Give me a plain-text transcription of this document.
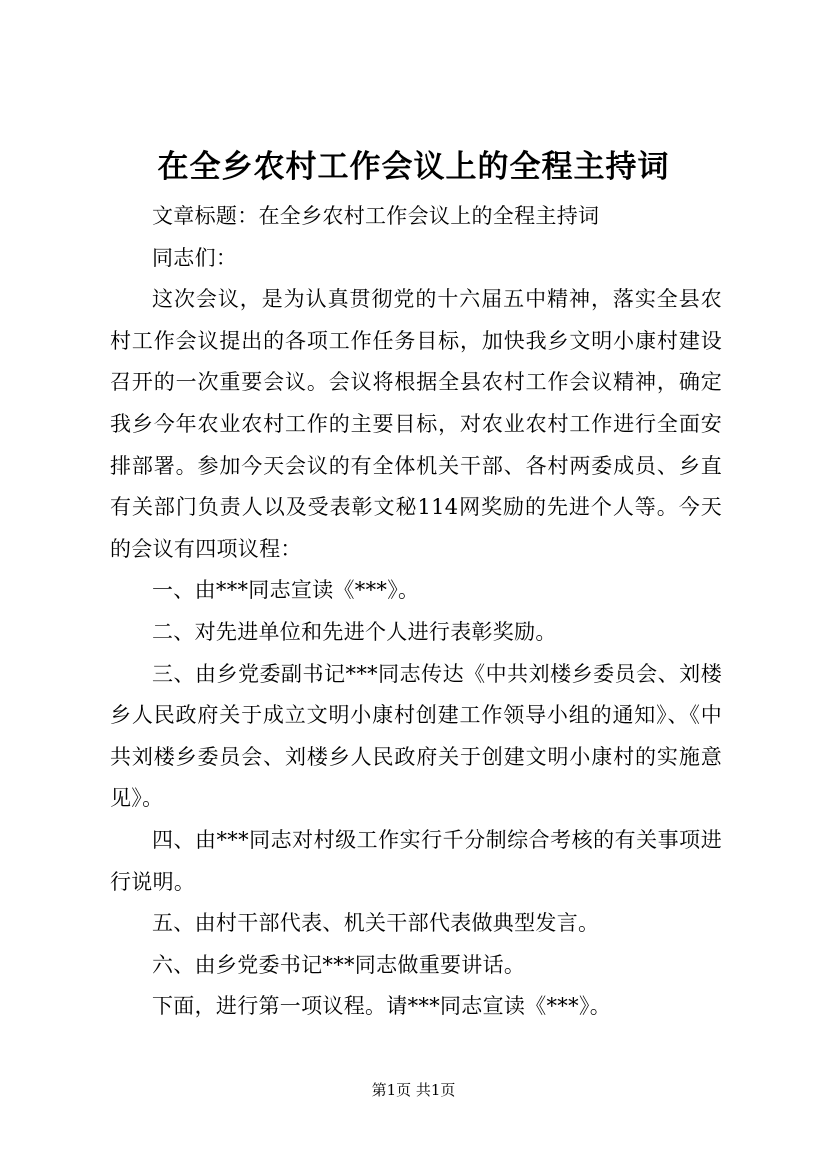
在全乡农村工作会议上的全程主持词

文章标题：在全乡农村工作会议上的全程主持词

同志们：

这次会议，是为认真贯彻党的十六届五中精神，落实全县农村工作会议提出的各项工作任务目标，加快我乡文明小康村建设召开的一次重要会议。会议将根据全县农村工作会议精神，确定我乡今年农业农村工作的主要目标，对农业农村工作进行全面安排部署。参加今天会议的有全体机关干部、各村两委成员、乡直有关部门负责人以及受表彰文秘114网奖励的先进个人等。今天的会议有四项议程：

一、由***同志宣读《***》。

二、对先进单位和先进个人进行表彰奖励。

三、由乡党委副书记***同志传达《中共刘楼乡委员会、刘楼乡人民政府关于成立文明小康村创建工作领导小组的通知》、《中共刘楼乡委员会、刘楼乡人民政府关于创建文明小康村的实施意见》。

四、由***同志对村级工作实行千分制综合考核的有关事项进行说明。

五、由村干部代表、机关干部代表做典型发言。

六、由乡党委书记***同志做重要讲话。

下面，进行第一项议程。请***同志宣读《***》。

第1页 共1页
